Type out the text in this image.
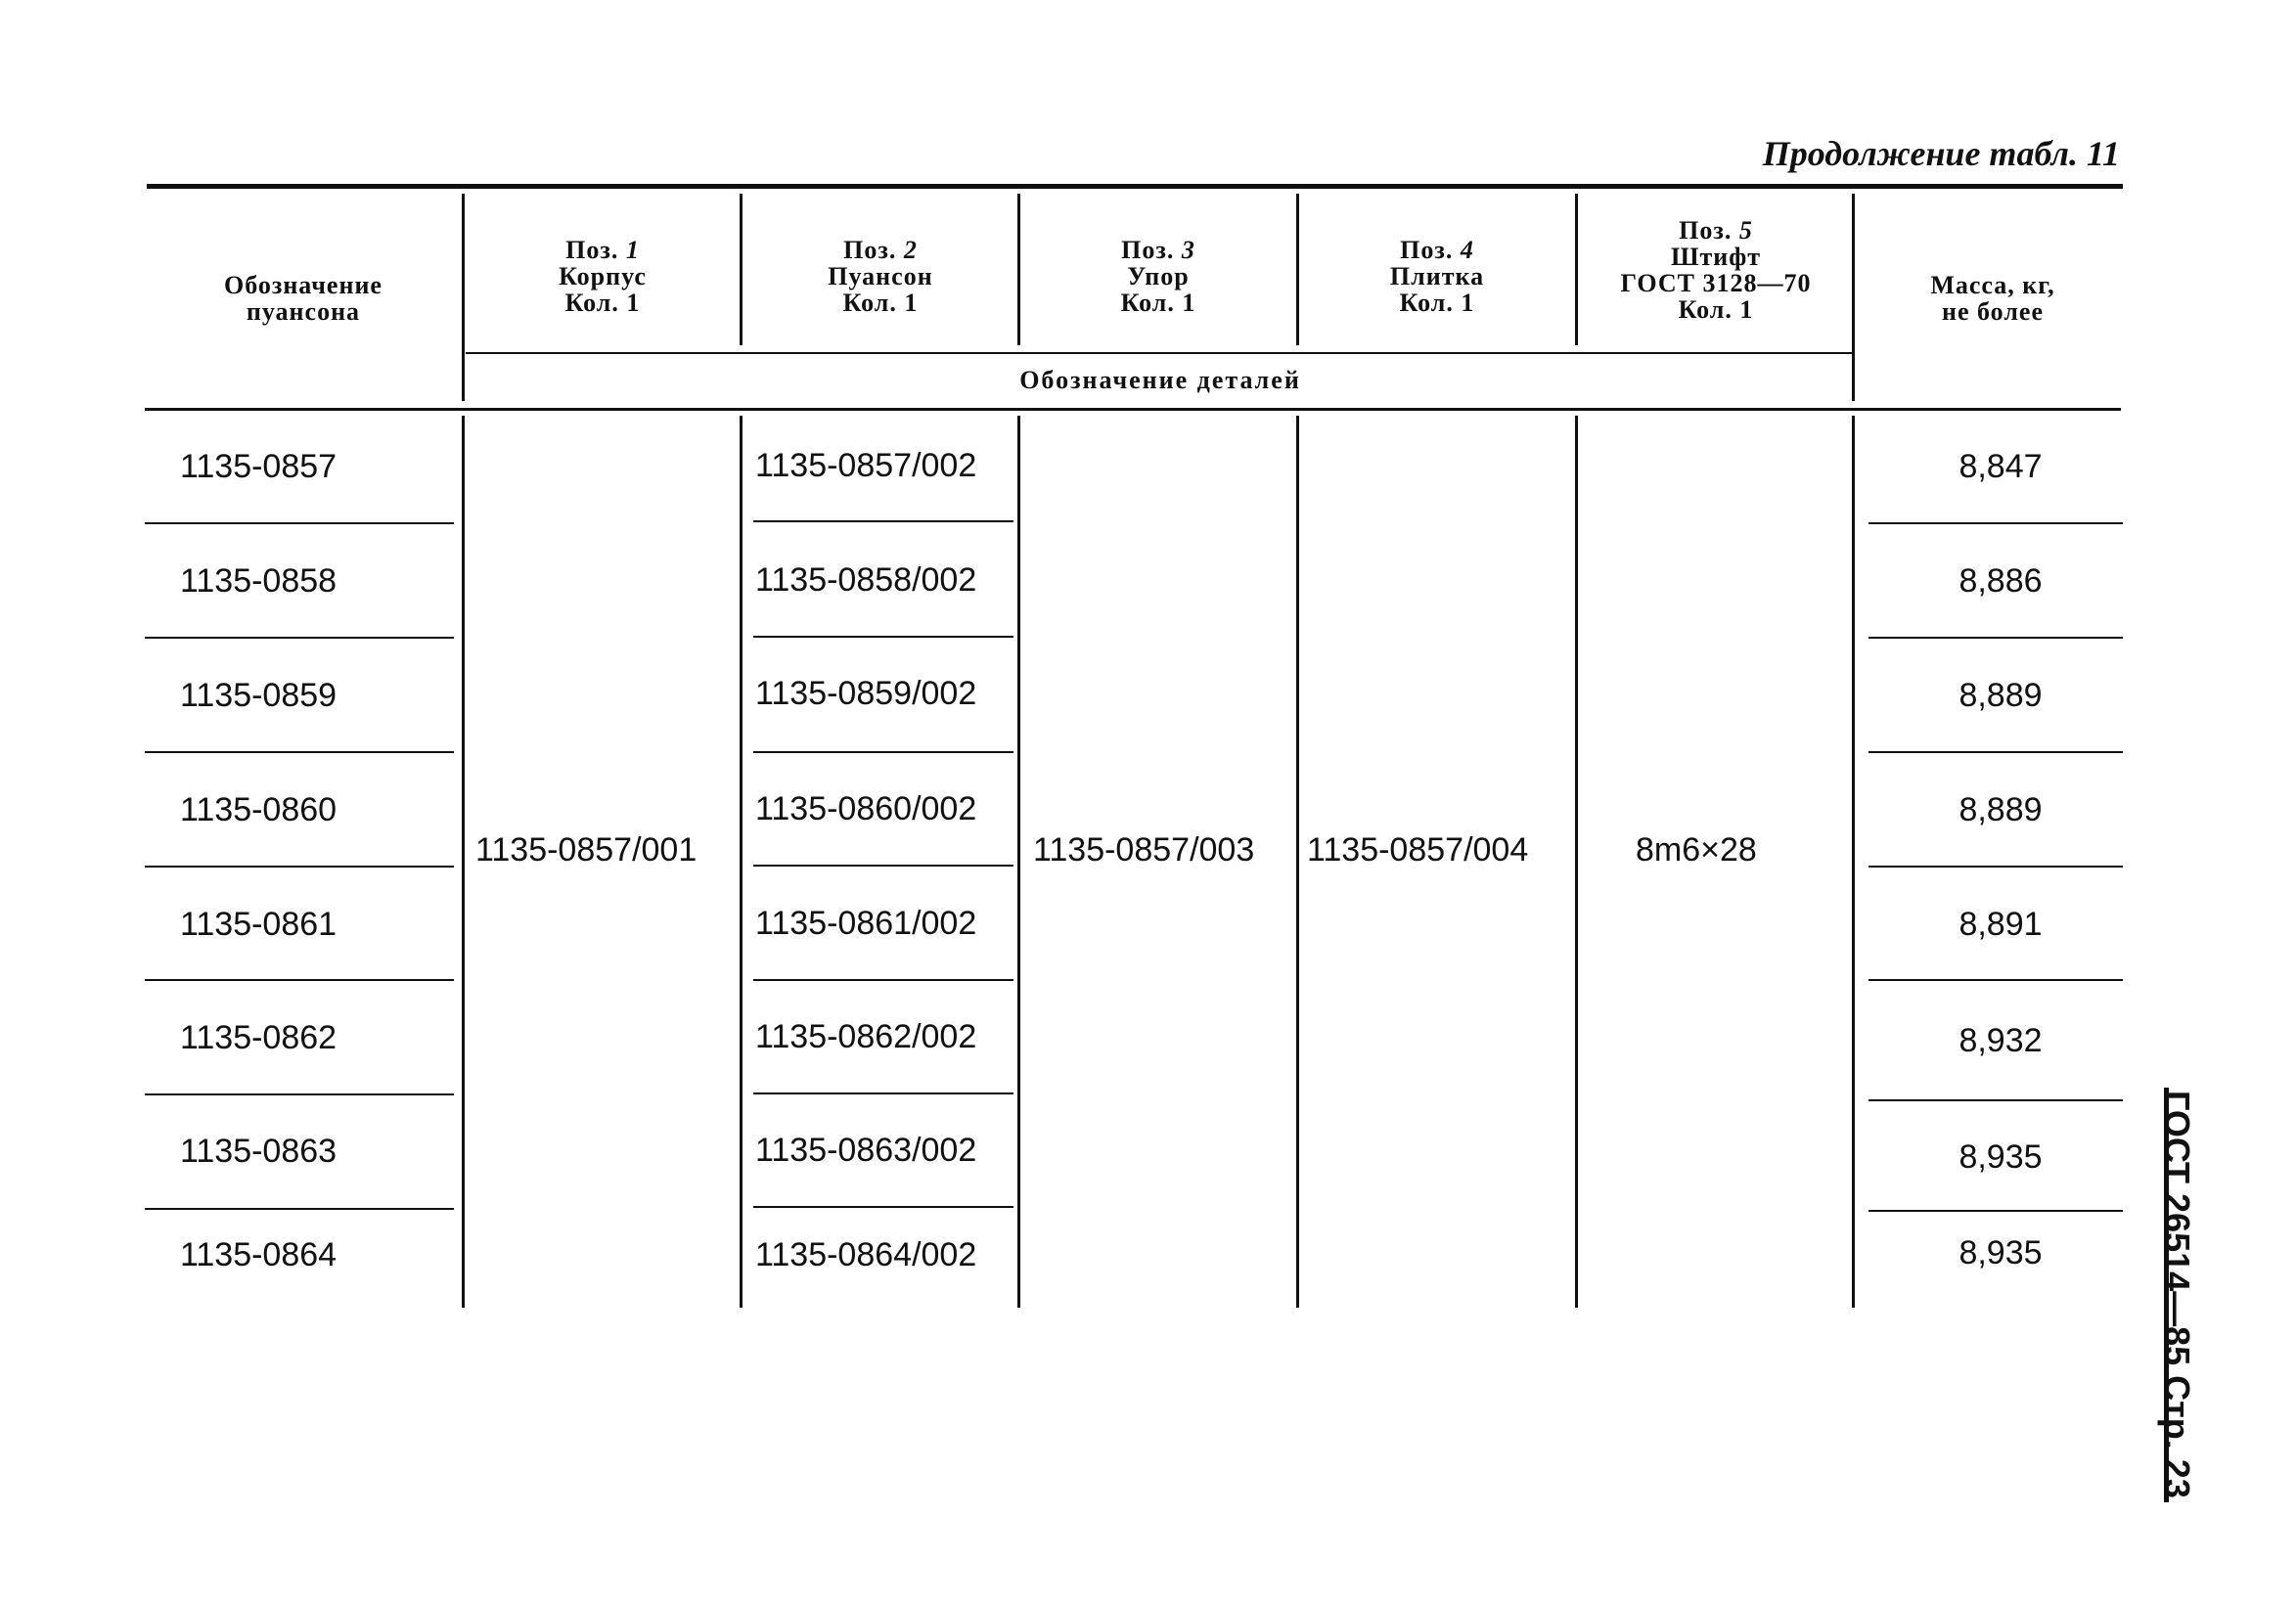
Продолжение табл. 11
Обозначение
пуансона
Поз. 1
Корпус
Кол. 1
Поз. 2
Пуансон
Кол. 1
Поз. 3
Упор
Кол. 1
Поз. 4
Плитка
Кол. 1
Поз. 5
Штифт
ГОСТ 3128—70
Кол. 1
Масса, кг,
не более
Обозначение деталей
1135-0857
1135-0858
1135-0859
1135-0860
1135-0861
1135-0862
1135-0863
1135-0864
1135-0857/002
1135-0858/002
1135-0859/002
1135-0860/002
1135-0861/002
1135-0862/002
1135-0863/002
1135-0864/002
8,847
8,886
8,889
8,889
8,891
8,932
8,935
8,935
1135-0857/001	1135-0857/003 1135-0857/004	8m6×28
ГОСТ 26514—85 Стр. 23
